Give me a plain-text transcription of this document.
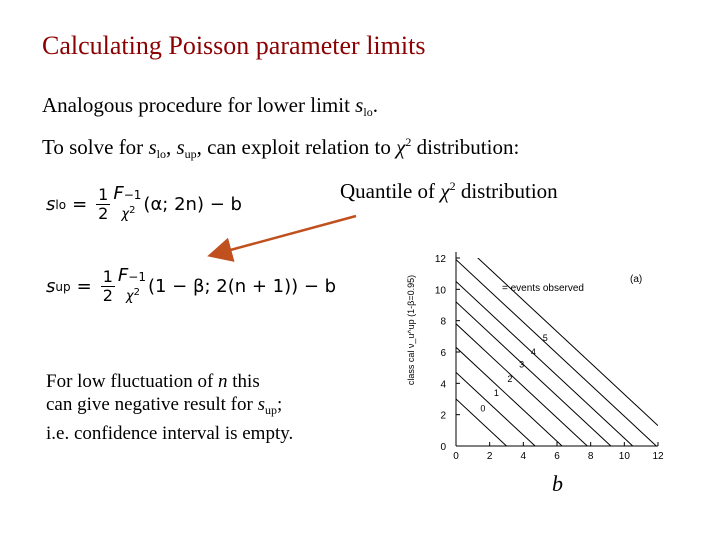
Calculating Poisson parameter limits
Analogous procedure for lower limit $s_{lo}$.
To solve for $s_{lo}$, $s_{up}$, can exploit relation to $\chi^2$ distribution:
Quantile of $\chi^2$ distribution
s lo = $\frac{1}{2} F-1$
$\chi^2$ (α; 2n) − b
s up = $\frac{1}{2} F-1$
$\chi^2$ (1 − β; 2(n + 1)) − b
For low fluctuation of n this
can give negative result for $s_{up}$;
i.e. confidence interval is empty.
class cal ν_u^up (1-β=0.95)	= events observed
(a)
0	2	4	6	8	10 12
0
2
4
6
8
10
12
0
1
2
3
4
5
b
